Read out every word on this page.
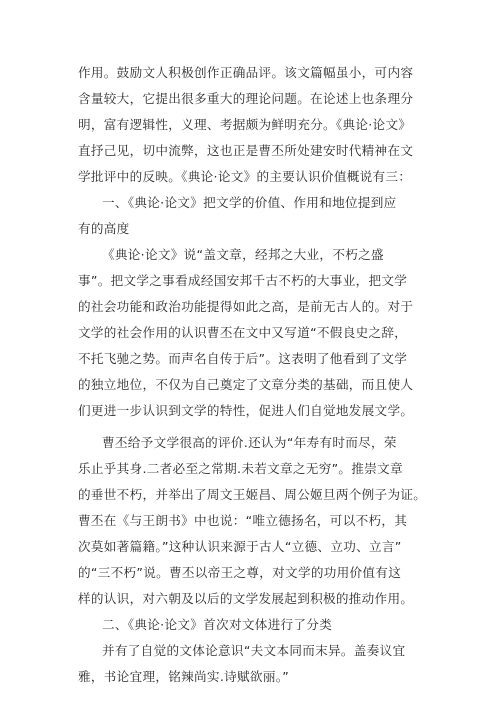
作用。鼓励文人积极创作正确品评。该文篇幅虽小，可内容
含量较大，它提出很多重大的理论问题。在论述上也条理分
明，富有逻辑性，义理、考据颇为鲜明充分。《典论·论文》
直抒己见，切中流弊，这也正是曹丕所处建安时代精神在文
学批评中的反映。《典论·论文》的主要认识价值概说有三：
一、《典论·论文》把文学的价值、作用和地位提到应
有的高度
《典论·论文》说“盖文章，经邦之大业，不朽之盛
事”。把文学之事看成经国安邦千古不朽的大事业，把文学
的社会功能和政治功能提得如此之高，是前无古人的。对于
文学的社会作用的认识曹丕在文中又写道“不假良史之辞，
不托飞驰之势。而声名自传于后”。这表明了他看到了文学
的独立地位，不仅为自己奠定了文章分类的基础，而且使人
们更进一步认识到文学的特性，促进人们自觉地发展文学。
曹丕给予文学很高的评价.还认为“年寿有时而尽，荣
乐止乎其身.二者必至之常期.未若文章之无穷”。推崇文章
的垂世不朽，并举出了周文王姬昌、周公姬旦两个例子为证。
曹丕在《与王朗书》中也说：“唯立德扬名，可以不朽，其
次莫如著篇籍。”这种认识来源于古人“立德、立功、立言”
的“三不朽”说。曹丕以帝王之尊，对文学的功用价值有这
样的认识，对六朝及以后的文学发展起到积极的推动作用。
二、《典论·论文》首次对文体进行了分类
并有了自觉的文体论意识“夫文本同而末异。盖奏议宜
雅，书论宜理，铭辣尚实.诗赋欲丽。”
